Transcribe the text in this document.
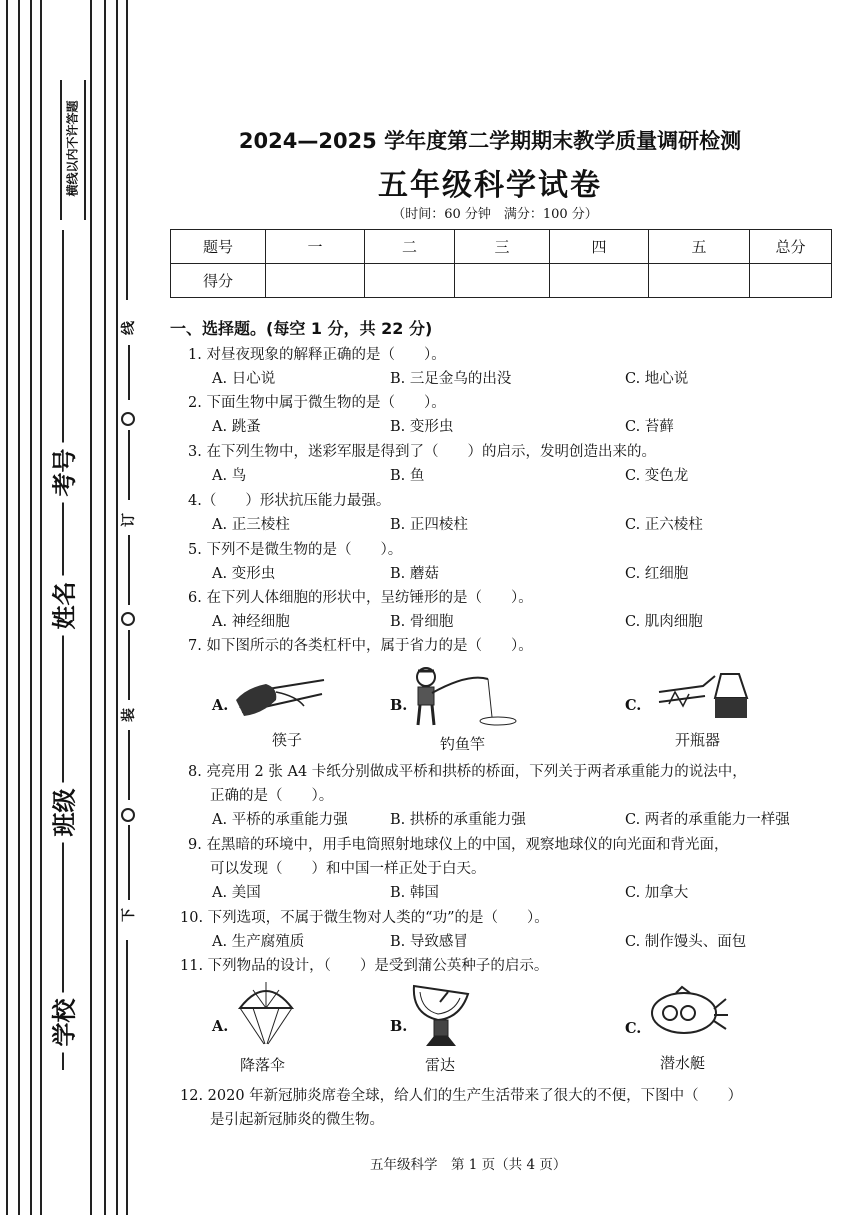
横线以内不许答题
考号
姓名
班级
学校
线
订
装
下
2024—2025 学年度第二学期期末教学质量调研检测
五年级科学试卷
（时间：60 分钟　满分：100 分）
题号	一	二	三	四	五	总分
得分						
一、选择题。(每空 1 分，共 22 分)
1. 对昼夜现象的解释正确的是（　　）。
A. 日心说	B. 三足金乌的出没	C. 地心说
2. 下面生物中属于微生物的是（　　）。
A. 跳蚤	B. 变形虫	C. 苔藓
3. 在下列生物中，迷彩军服是得到了（　　）的启示，发明创造出来的。
A. 鸟	B. 鱼	C. 变色龙
4.（　　）形状抗压能力最强。
A. 正三棱柱	B. 正四棱柱	C. 正六棱柱
5. 下列不是微生物的是（　　）。
A. 变形虫	B. 蘑菇	C. 红细胞
6. 在下列人体细胞的形状中，呈纺锤形的是（　　）。
A. 神经细胞	B. 骨细胞	C. 肌肉细胞
7. 如下图所示的各类杠杆中，属于省力的是（　　）。
A.
筷子
B.
钓鱼竿
C.
开瓶器
8. 亮亮用 2 张 A4 卡纸分别做成平桥和拱桥的桥面，下列关于两者承重能力的说法中，
正确的是（　　）。
A. 平桥的承重能力强	B. 拱桥的承重能力强	C. 两者的承重能力一样强
9. 在黑暗的环境中，用手电筒照射地球仪上的中国，观察地球仪的向光面和背光面，
可以发现（　　）和中国一样正处于白天。
A. 美国	B. 韩国	C. 加拿大
10. 下列选项，不属于微生物对人类的“功”的是（　　）。
A. 生产腐殖质	B. 导致感冒	C. 制作馒头、面包
11. 下列物品的设计，（　　）是受到蒲公英种子的启示。
A.
降落伞
B.
雷达
C.
潜水艇
12. 2020 年新冠肺炎席卷全球，给人们的生产生活带来了很大的不便，下图中（　　）
是引起新冠肺炎的微生物。
五年级科学　第 1 页（共 4 页）
